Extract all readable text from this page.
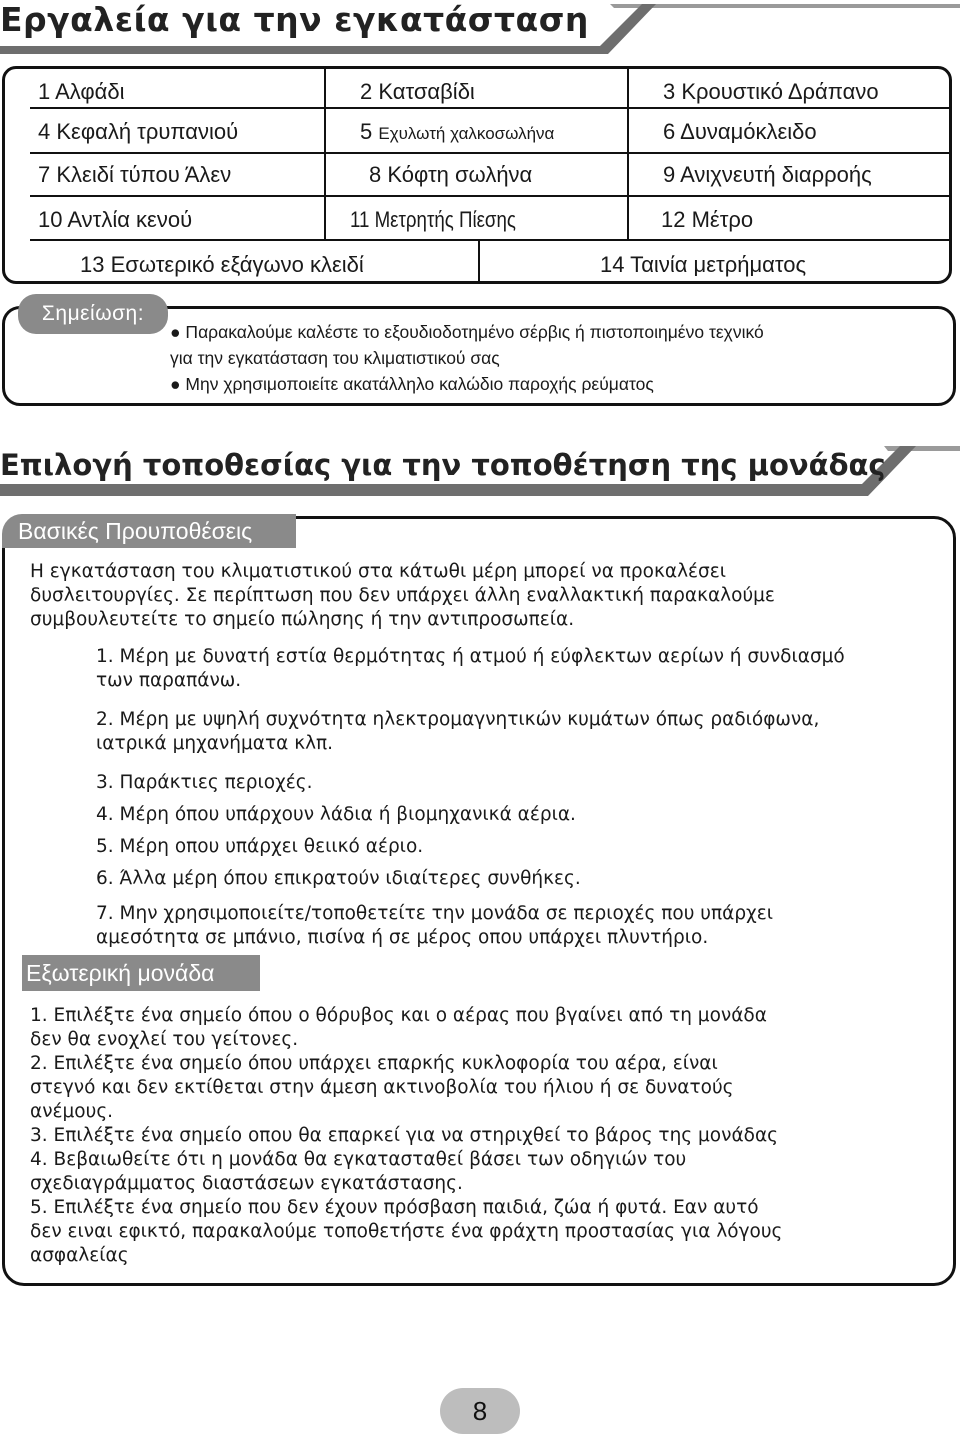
Εργαλεία για την εγκατάσταση
1 Αλφάδι	2 Κατσαβίδι	3 Κρουστικό Δράπανο
4 Κεφαλή τρυπανιού	5 Εχυλωτή χαλκοσωλήνα	6 Δυναμόκλειδο
7 Κλειδί τύπου Άλεν	8 Κόφτη σωλήνα	9 Ανιχνευτή διαρροής
10 Αντλία κενού	11 Μετρητής Πίεσης	12 Μέτρο
13 Εσωτερικό εξάγωνο κλειδί	14 Ταινία μετρήματος
Σημείωση:
● Παρακαλούμε καλέστε το εξουδιοδοτημένο σέρβις ή πιστοποιημένο τεχνικό
για την εγκατάσταση του κλιματιστικού σας
● Μην χρησιμοποιείτε ακατάλληλο καλώδιο παροχής ρεύματος
Επιλογή τοποθεσίας για την τοποθέτηση της μονάδας
Βασικές Προυποθέσεις
Η εγκατάσταση του κλιματιστικού στα κάτωθι μέρη μπορεί να προκαλέσει
δυσλειτουργίες. Σε περίπτωση που δεν υπάρχει άλλη εναλλακτική παρακαλούμε
συμβουλευτείτε το σημείο πώλησης ή την αντιπροσωπεία.
1. Μέρη με δυνατή εστία θερμότητας ή ατμού ή εύφλεκτων αερίων ή συνδιασμό
των παραπάνω.
2. Μέρη με υψηλή συχνότητα ηλεκτρομαγνητικών κυμάτων όπως ραδιόφωνα,
ιατρικά μηχανήματα κλπ.
3. Παράκτιες περιοχές.
4. Μέρη όπου υπάρχουν λάδια ή βιομηχανικά αέρια.
5. Μέρη οπου υπάρχει θειικό αέριο.
6. Άλλα μέρη όπου επικρατούν ιδιαίτερες συνθήκες.
7. Μην χρησιμοποιείτε/τοποθετείτε την μονάδα σε περιοχές που υπάρχει
αμεσότητα σε μπάνιο, πισίνα ή σε μέρος οπου υπάρχει πλυντήριο.
Εξωτερική μονάδα
1. Επιλέξτε ένα σημείο όπου ο θόρυβος και ο αέρας που βγαίνει από τη μονάδα
δεν θα ενοχλεί του γείτονες.
2. Επιλέξτε ένα σημείο όπου υπάρχει επαρκής κυκλοφορία του αέρα, είναι
στεγνό και δεν εκτίθεται στην άμεση ακτινοβολία του ήλιου ή σε δυνατούς
ανέμους.
3. Επιλέξτε ένα σημείο οπου θα επαρκεί για να στηριχθεί το βάρος της μονάδας
4. Βεβαιωθείτε ότι η μονάδα θα εγκατασταθεί βάσει των οδηγιών του
σχεδιαγράμματος διαστάσεων εγκατάστασης.
5. Επιλέξτε ένα σημείο που δεν έχουν πρόσβαση παιδιά, ζώα ή φυτά. Εαν αυτό
δεν ειναι εφικτό, παρακαλούμε τοποθετήστε ένα φράχτη προστασίας για λόγους
ασφαλείας
8
